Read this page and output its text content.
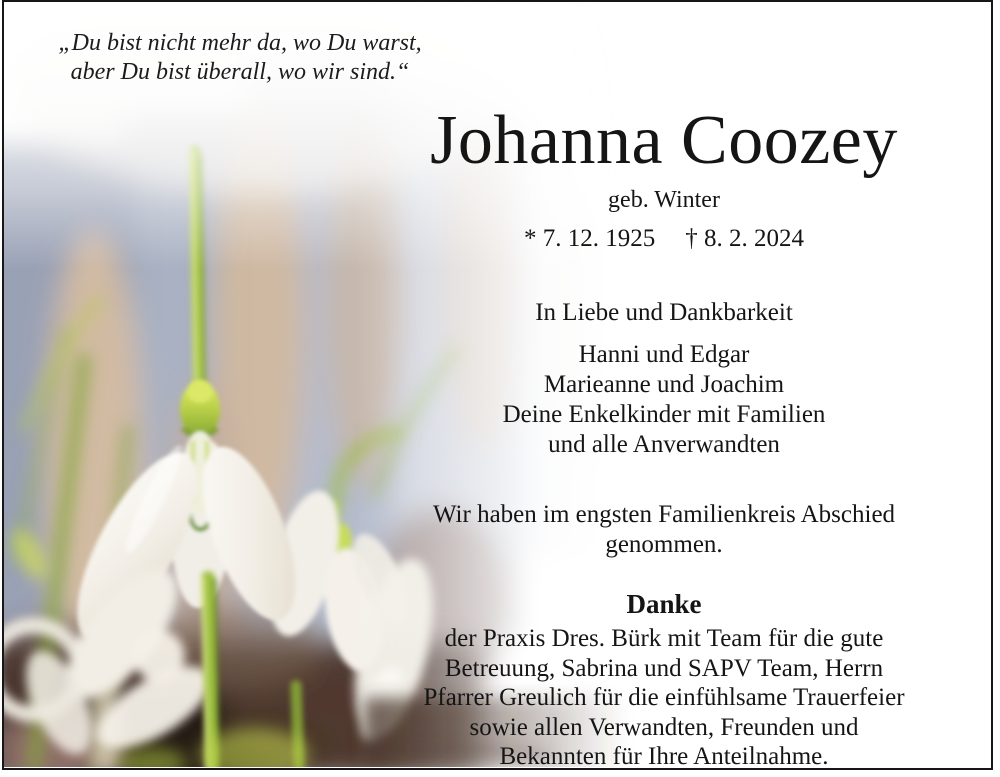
„Du bist nicht mehr da, wo Du warst,
aber Du bist überall, wo wir sind.“
Johanna Coozey
geb. Winter
* 7. 12. 1925 † 8. 2. 2024
In Liebe und Dankbarkeit
Hanni und Edgar
Marieanne und Joachim
Deine Enkelkinder mit Familien
und alle Anverwandten
Wir haben im engsten Familienkreis Abschied
genommen.
Danke
der Praxis Dres. Bürk mit Team für die gute
Betreuung, Sabrina und SAPV Team, Herrn
Pfarrer Greulich für die einfühlsame Trauerfeier
sowie allen Verwandten, Freunden und
Bekannten für Ihre Anteilnahme.
